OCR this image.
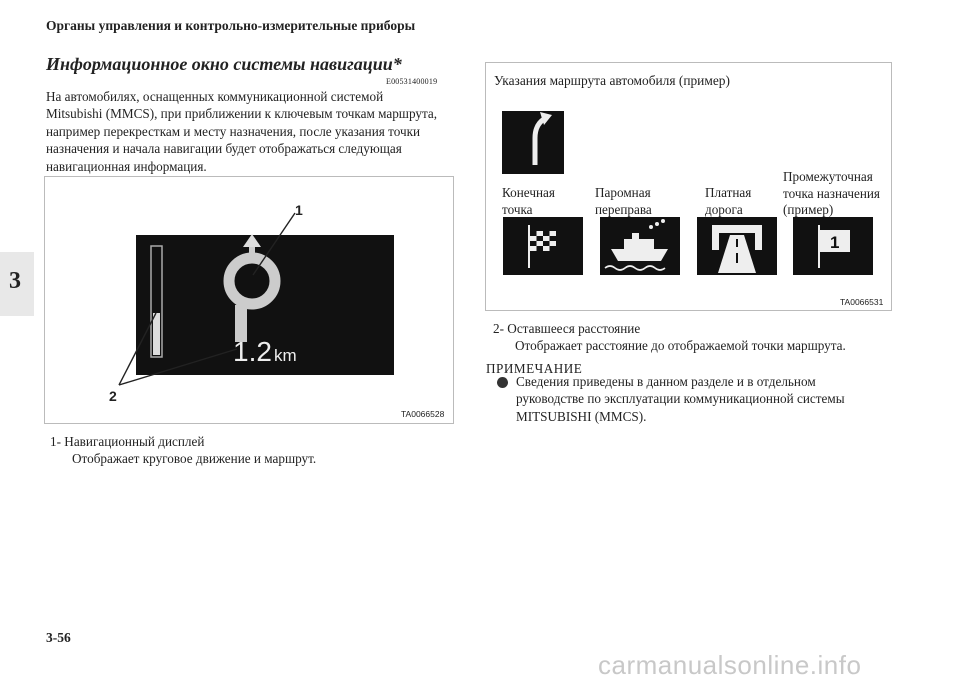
Органы управления и контрольно-измерительные приборы
3
Информационное окно системы навигации*
E00531400019
На автомобилях, оснащенных коммуникационной системой
Mitsubishi (MMCS), при приближении к ключевым точкам маршрута,
например перекресткам и месту назначения, после указания точки
назначения и начала навигации будет отображаться следующая
навигационная информация.
1.2 km
1
2
TA0066528
1- Навигационный дисплей
Отображает круговое движение и маршрут.
1
TA0066531
Указания маршрута автомобиля (пример)
Конечная
точка
Паромная
переправа
Платная
дорога
Промежуточная
точка назначения
(пример)
2- Оставшееся расстояние
Отображает расстояние до отображаемой точки маршрута.
ПРИМЕЧАНИЕ
Сведения приведены в данном разделе и в отдельном
руководстве по эксплуатации коммуникационной системы
MITSUBISHI (MMCS).
3-56
carmanualsonline.info
